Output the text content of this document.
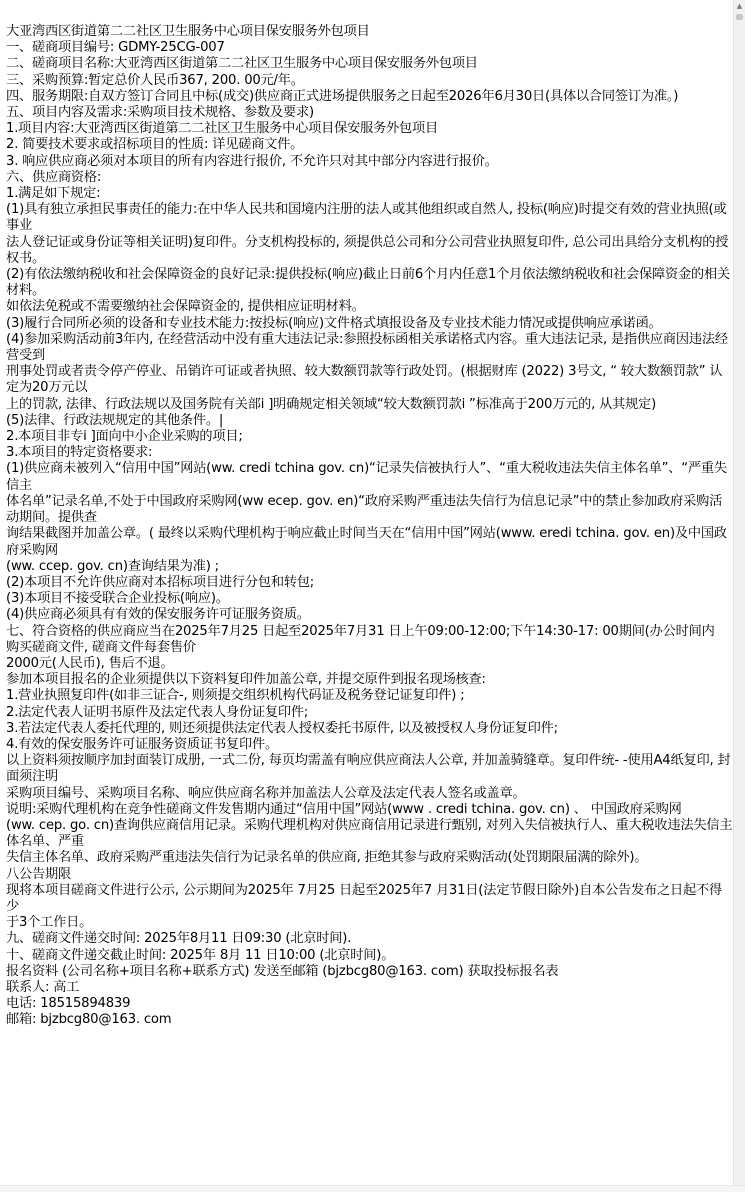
大亚湾西区街道第二二社区卫生服务中心项目保安服务外包项目
一、磋商项目编号: GDMY-25CG-007
二、磋商项目名称:大亚湾西区街道第二二社区卫生服务中心项目保安服务外包项目
三、采购预算:暂定总价人民币367, 200. 00元/年。
四、服务期限:自双方签订合同且中标(成交)供应商正式进场提供服务之日起至2026年6月30日(具体以合同签订为准。)
五、项目内容及需求:采购项目技术规格、参数及要求)
1.项目内容:大亚湾西区街道第二二社区卫生服务中心项目保安服务外包项目
2. 简要技术要求或招标项目的性质: 详见磋商文件。
3. 响应供应商必须对本项目的所有内容进行报价, 不允许只对其中部分内容进行报价。
六、供应商资格:
1.满足如下规定:
(1)具有独立承担民事责任的能力:在中华人民共和国境内注册的法人或其他组织或自然人, 投标(响应)时提交有效的营业执照(或事业
法人登记证或身份证等相关证明)复印件。分支机构投标的, 须提供总公司和分公司营业执照复印件, 总公司出具给分支机构的授权书。
(2)有依法缴纳税收和社会保障资金的良好记录:提供投标(响应)截止日前6个月内任意1个月依法缴纳税收和社会保障资金的相关材料。
如依法免税或不需要缴纳社会保障资金的, 提供相应证明材料。
(3)履行合同所必须的设备和专业技术能力:按投标(响应)文件格式填报设备及专业技术能力情况或提供响应承诺函。
(4)参加采购活动前3年内, 在经营活动中没有重大违法记录:参照投标函相关承诺格式内容。重大违法记录, 是指供应商因违法经营受到
刑事处罚或者责令停产停业、吊销许可证或者执照、较大数额罚款等行政处罚。(根据财库 (2022) 3号文, “ 较大数额罚款” 认定为20万元以
上的罚款, 法律、行政法规以及国务院有关部i ]明确规定相关领域“较大数额罚款i ”标准高于200万元的, 从其规定)
(5)法律、行政法规规定的其他条件。|
2.本项目非专i ]面向中小企业采购的项目;
3.本项目的特定资格要求:
(1)供应商未被列入“信用中国”网站(ww. credi tchina gov. cn)“记录失信被执行人”、“重大税收违法失信主体名单”、“严重失信主
体名单”记录名单,不处于中国政府采购网(ww ecep. gov. en)“政府采购严重违法失信行为信息记录”中的禁止参加政府采购活动期间。提供查
询结果截图并加盖公章。( 最终以采购代理机构于响应截止时间当天在“信用中国”网站(www. eredi tchina. gov. en)及中国政府采购网
(ww. ccep. gov. cn)查询结果为准) ;
(2)本项目不允许供应商对本招标项目进行分包和转包;
(3)本项目不接受联合企业投标(响应)。
(4)供应商必须具有有效的保安服务许可证服务资质。
七、符合资格的供应商应当在2025年7月25 日起至2025年7月31 日上午09:00-12:00;下午14:30-17: 00期间(办公时间内
购买磋商文件, 磋商文件每套售价
2000元(人民币), 售后不退。
参加本项目报名的企业须提供以下资料复印件加盖公章, 并提交原件到报名现场核查:
1.营业执照复印件(如非三证合-, 则须提交组织机构代码证及税务登记证复印件) ;
2.法定代表人证明书原件及法定代表人身份证复印件;
3.若法定代表人委托代理的, 则还须提供法定代表人授权委托书原件, 以及被授权人身份证复印件;
4.有效的保安服务许可证服务资质证书复印件。
以上资料须按顺序加封面装订成册, 一式二份, 每页均需盖有响应供应商法人公章, 并加盖骑缝章。复印件统- -使用A4纸复印, 封面须注明
采购项目编号、采购项目名称、响应供应商名称并加盖法人公章及法定代表人签名或盖章。
说明:采购代理机构在竞争性磋商文件发售期内通过“信用中国”网站(www . credi tchina. gov. cn) 、 中国政府采购网
(ww. cep. go. cn)查询供应商信用记录。采购代理机构对供应商信用记录进行甄别, 对列入失信被执行人、重大税收违法失信主体名单、严重
失信主体名单、政府采购严重违法失信行为记录名单的供应商, 拒绝其参与政府采购活动(处罚期限届满的除外)。
八公告期限
现将本项目磋商文件进行公示, 公示期间为2025年 7月25 日起至2025年7 月31日(法定节假日除外)自本公告发布之日起不得少
于3个工作日。
九、磋商文件递交时间: 2025年8月11 日09:30 (北京时间).
十、磋商文件递交截止时间: 2025年 8月 11 日10:00 (北京时间)。
报名资料 (公司名称+项目名称+联系方式) 发送至邮箱 (bjzbcg80@163. com) 获取投标报名表
联系人: 高工
电话: 18515894839
邮箱: bjzbcg80@163. com
▲
